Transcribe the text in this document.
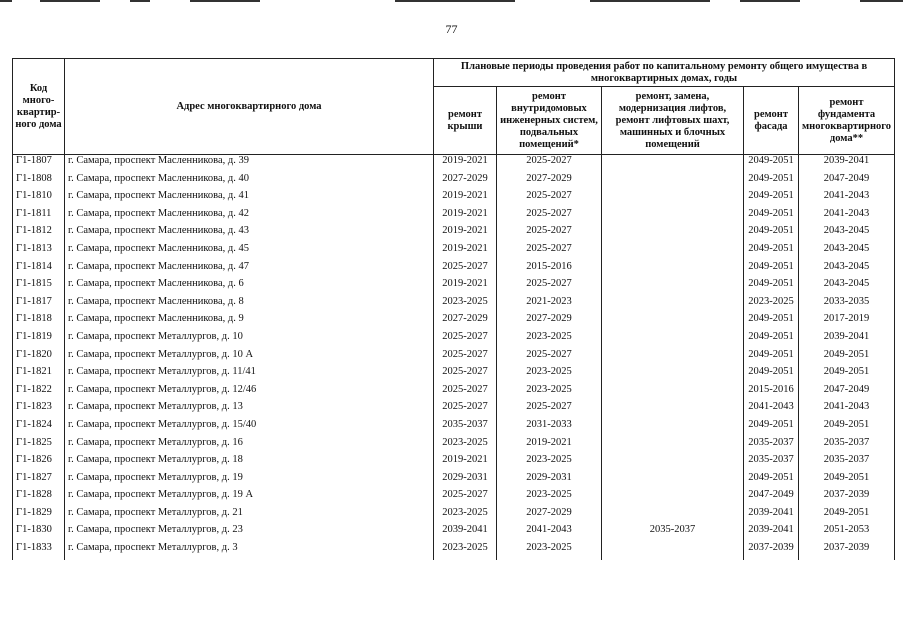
77
Код много-квартир-ного дома	Адрес многоквартирного дома	Плановые периоды проведения работ по капитальному ремонту общего имущества в многоквартирных домах, годы				
		ремонт крыши	ремонт внутридомовых инженерных систем, подвальных помещений*	ремонт, замена, модернизация лифтов, ремонт лифтовых шахт, машинных и блочных помещений	ремонт фасада	ремонт фундамента многоквартирного дома**
Г1-1807	г. Самара, проспект Масленникова, д. 39	2019-2021	2025-2027		2049-2051	2039-2041
Г1-1808	г. Самара, проспект Масленникова, д. 40	2027-2029	2027-2029		2049-2051	2047-2049
Г1-1810	г. Самара, проспект Масленникова, д. 41	2019-2021	2025-2027		2049-2051	2041-2043
Г1-1811	г. Самара, проспект Масленникова, д. 42	2019-2021	2025-2027		2049-2051	2041-2043
Г1-1812	г. Самара, проспект Масленникова, д. 43	2019-2021	2025-2027		2049-2051	2043-2045
Г1-1813	г. Самара, проспект Масленникова, д. 45	2019-2021	2025-2027		2049-2051	2043-2045
Г1-1814	г. Самара, проспект Масленникова, д. 47	2025-2027	2015-2016		2049-2051	2043-2045
Г1-1815	г. Самара, проспект Масленникова, д. 6	2019-2021	2025-2027		2049-2051	2043-2045
Г1-1817	г. Самара, проспект Масленникова, д. 8	2023-2025	2021-2023		2023-2025	2033-2035
Г1-1818	г. Самара, проспект Масленникова, д. 9	2027-2029	2027-2029		2049-2051	2017-2019
Г1-1819	г. Самара, проспект Металлургов, д. 10	2025-2027	2023-2025		2049-2051	2039-2041
Г1-1820	г. Самара, проспект Металлургов, д. 10 А	2025-2027	2025-2027		2049-2051	2049-2051
Г1-1821	г. Самара, проспект Металлургов, д. 11/41	2025-2027	2023-2025		2049-2051	2049-2051
Г1-1822	г. Самара, проспект Металлургов, д. 12/46	2025-2027	2023-2025		2015-2016	2047-2049
Г1-1823	г. Самара, проспект Металлургов, д. 13	2025-2027	2025-2027		2041-2043	2041-2043
Г1-1824	г. Самара, проспект Металлургов, д. 15/40	2035-2037	2031-2033		2049-2051	2049-2051
Г1-1825	г. Самара, проспект Металлургов, д. 16	2023-2025	2019-2021		2035-2037	2035-2037
Г1-1826	г. Самара, проспект Металлургов, д. 18	2019-2021	2023-2025		2035-2037	2035-2037
Г1-1827	г. Самара, проспект Металлургов, д. 19	2029-2031	2029-2031		2049-2051	2049-2051
Г1-1828	г. Самара, проспект Металлургов, д. 19 А	2025-2027	2023-2025		2047-2049	2037-2039
Г1-1829	г. Самара, проспект Металлургов, д. 21	2023-2025	2027-2029		2039-2041	2049-2051
Г1-1830	г. Самара, проспект Металлургов, д. 23	2039-2041	2041-2043	2035-2037	2039-2041	2051-2053
Г1-1833	г. Самара, проспект Металлургов, д. 3	2023-2025	2023-2025		2037-2039	2037-2039
